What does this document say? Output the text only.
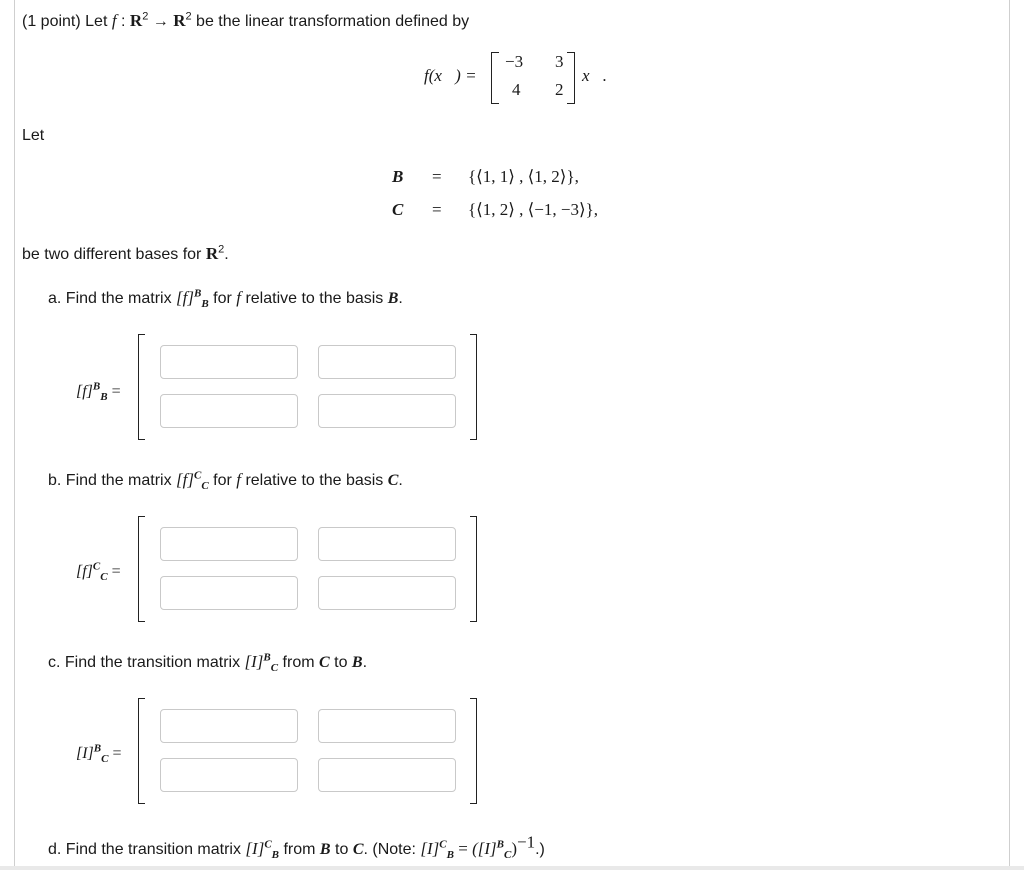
(1 point) Let f : $R^2 \to R^2$ be the linear transformation defined by
f(x⃗) =
−3 3
4 2
x⃗.
Let
B = {⟨1, 1⟩ , ⟨1, 2⟩},
C = {⟨1, 2⟩ , ⟨−1, −3⟩},
be two different bases for $R^2$.
a. Find the matrix $[f]^B_B$ for f relative to the basis B.
$[f]^B_B$ =
b. Find the matrix $[f]^C_C$ for f relative to the basis C.
$[f]^C_C$ =
c. Find the transition matrix $[I]^B_C$ from C to B.
$[I]^B_C$ =
d. Find the transition matrix $[I]^C_B$ from B to C. (Note: $[I]^C_B = ([I]^B_C)^{-1}$.)
